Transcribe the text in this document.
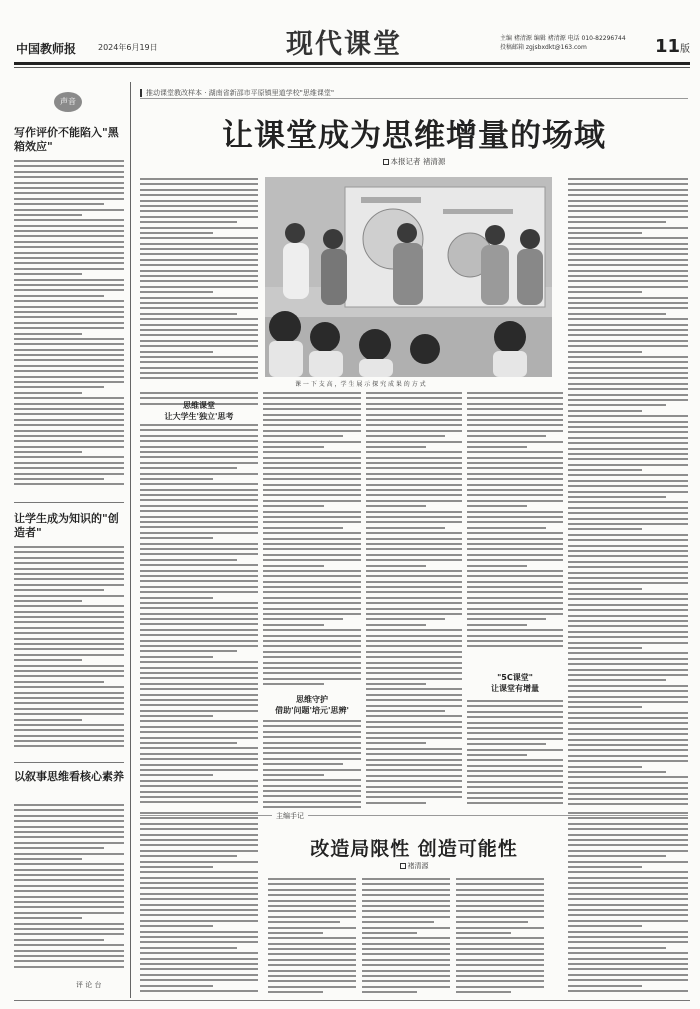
中国教师报	2024年6月19日	现代课堂	主编 褚清源 编辑 褚清源 电话 010-82296744
投稿邮箱 zgjsbxdkt@163.com	11版
声音
写作评价不能陷入"黑箱效应"
让学生成为知识的"创造者"
以叙事思维看核心素养
评 论 台
推动课堂教改样本 · 湖南省新邵市平原镇里道学校"思维课堂"
让课堂成为思维增量的场域
本报记者 褚清源
课 一 下 支 高 ，学 生 展 示 探 究 成 果 的 方 式
思维课堂
让大学生'独立'思考
思维守护
借助'问题'培元'思辨'
"5C课堂"
让课堂有增量
主编手记
改造局限性 创造可能性
褚清源
